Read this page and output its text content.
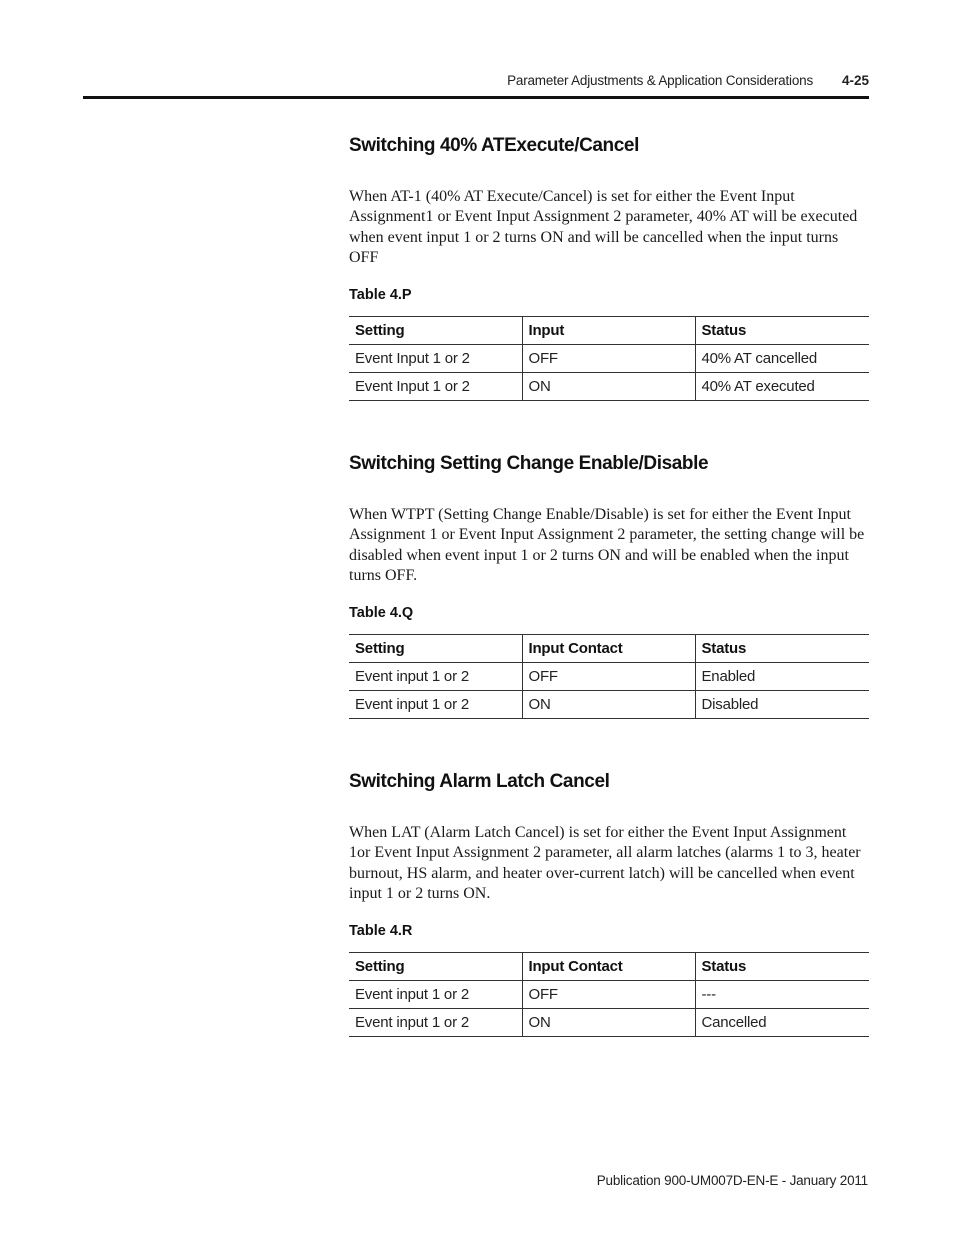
Parameter Adjustments & Application Considerations	4-25
Switching 40% ATExecute/Cancel
When AT-1 (40% AT Execute/Cancel) is set for either the Event Input Assignment1 or Event Input Assignment 2 parameter, 40% AT will be executed when event input 1 or 2 turns ON and will be cancelled when the input turns OFF
Table 4.P
Setting	Input	Status
Event Input 1 or 2	OFF	40% AT cancelled
Event Input 1 or 2	ON	40% AT executed
Switching Setting Change Enable/Disable
When WTPT (Setting Change Enable/Disable) is set for either the Event Input Assignment 1 or Event Input Assignment 2 parameter, the setting change will be disabled when event input 1 or 2 turns ON and will be enabled when the input turns OFF.
Table 4.Q
Setting	Input Contact	Status
Event input 1 or 2	OFF	Enabled
Event input 1 or 2	ON	Disabled
Switching Alarm Latch Cancel
When LAT (Alarm Latch Cancel) is set for either the Event Input Assignment 1or Event Input Assignment 2 parameter, all alarm latches (alarms 1 to 3, heater burnout, HS alarm, and heater over-current latch) will be cancelled when event input 1 or 2 turns ON.
Table 4.R
Setting	Input Contact	Status
Event input 1 or 2	OFF	---
Event input 1 or 2	ON	Cancelled
Publication 900-UM007D-EN-E - January 2011
